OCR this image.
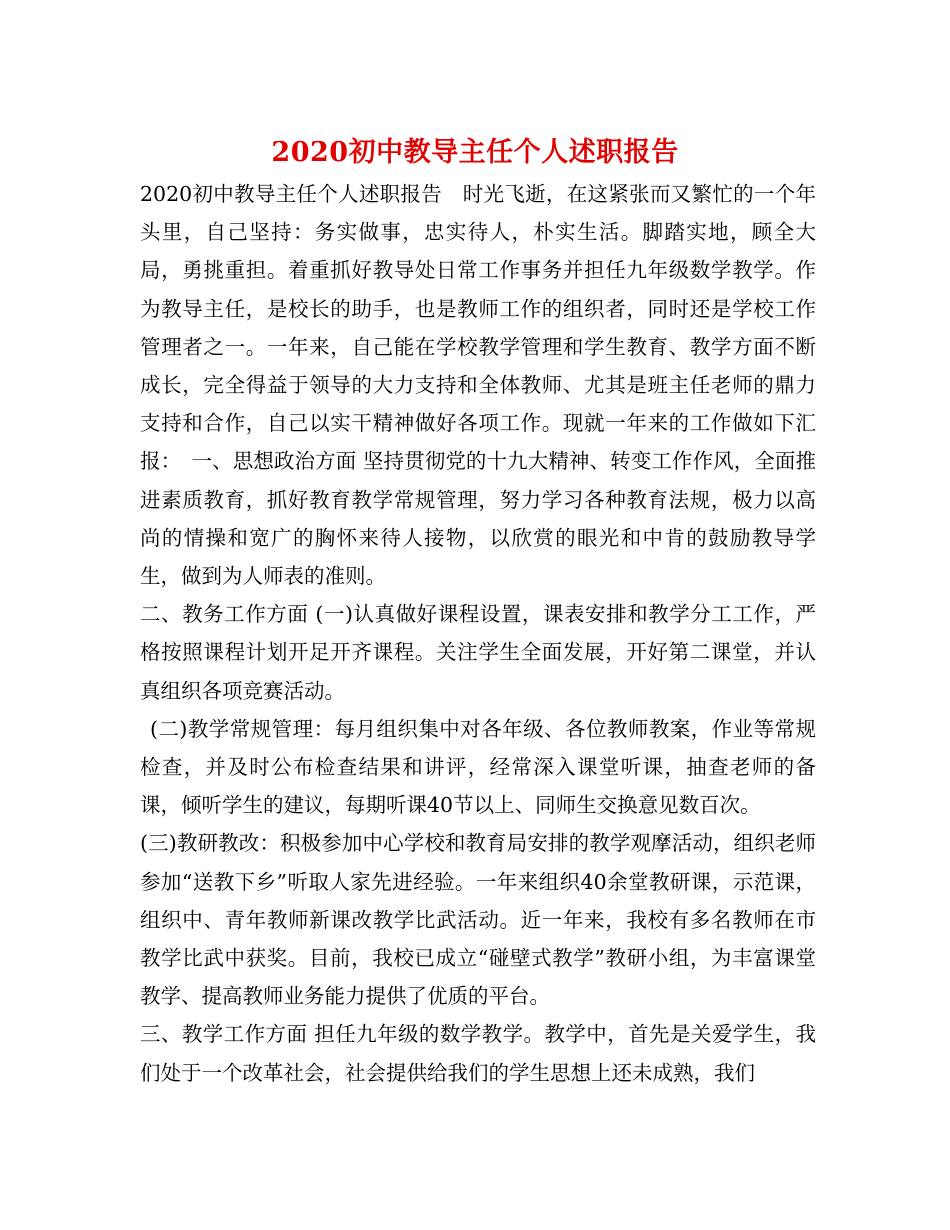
2020初中教导主任个人述职报告

2020初中教导主任个人述职报告　时光飞逝，在这紧张而又繁忙的一个年头里，自己坚持：务实做事，忠实待人，朴实生活。脚踏实地，顾全大局，勇挑重担。着重抓好教导处日常工作事务并担任九年级数学教学。作为教导主任，是校长的助手，也是教师工作的组织者，同时还是学校工作管理者之一。一年来，自己能在学校教学管理和学生教育、教学方面不断成长，完全得益于领导的大力支持和全体教师、尤其是班主任老师的鼎力支持和合作，自己以实干精神做好各项工作。现就一年来的工作做如下汇报：　一、思想政治方面 坚持贯彻党的十九大精神、转变工作作风，全面推进素质教育，抓好教育教学常规管理，努力学习各种教育法规，极力以高尚的情操和宽广的胸怀来待人接物，以欣赏的眼光和中肯的鼓励教导学生，做到为人师表的准则。

二、教务工作方面 (一)认真做好课程设置，课表安排和教学分工工作，严格按照课程计划开足开齐课程。关注学生全面发展，开好第二课堂，并认真组织各项竞赛活动。

(二)教学常规管理：每月组织集中对各年级、各位教师教案，作业等常规检查，并及时公布检查结果和讲评，经常深入课堂听课，抽查老师的备课，倾听学生的建议，每期听课40节以上、同师生交换意见数百次。

(三)教研教改：积极参加中心学校和教育局安排的教学观摩活动，组织老师参加“送教下乡”听取人家先进经验。一年来组织40余堂教研课，示范课，组织中、青年教师新课改教学比武活动。近一年来，我校有多名教师在市教学比武中获奖。目前，我校已成立“碰壁式教学”教研小组，为丰富课堂教学、提高教师业务能力提供了优质的平台。

三、教学工作方面 担任九年级的数学教学。教学中，首先是关爱学生，我们处于一个改革社会，社会提供给我们的学生思想上还未成熟，我们
